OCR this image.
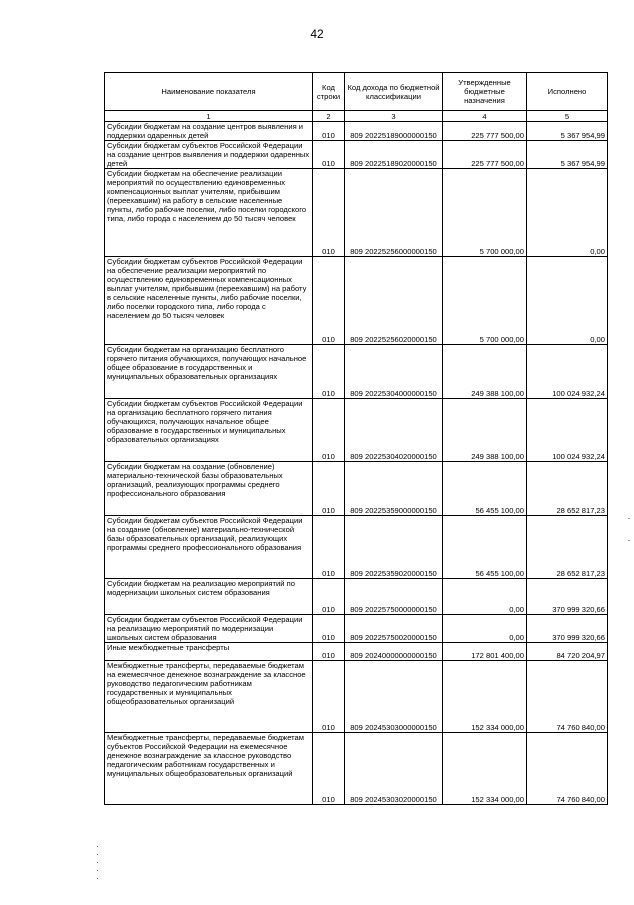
42
Наименование показателя	Код строки	Код дохода по бюджетной классификации	Утвержденные бюджетные назначения	Исполнено
1	2	3	4	5
Субсидии бюджетам на создание центров выявления и поддержки одаренных детей	010	809 20225189000000150	225 777 500,00	5 367 954,99
Субсидии бюджетам субъектов Российской Федерации на создание центров выявления и поддержки одаренных детей	010	809 20225189020000150	225 777 500,00	5 367 954,99
Субсидии бюджетам на обеспечение реализации мероприятий по осуществлению единовременных компенсационных выплат учителям, прибывшим (переехавшим) на работу в сельские населенные пункты, либо рабочие поселки, либо поселки городского типа, либо города с населением до 50 тысяч человек	010	809 20225256000000150	5 700 000,00	0,00
Субсидии бюджетам субъектов Российской Федерации на обеспечение реализации мероприятий по осуществлению единовременных компенсационных выплат учителям, прибывшим (переехавшим) на работу в сельские населенные пункты, либо рабочие поселки, либо поселки городского типа, либо города с населением до 50 тысяч человек	010	809 20225256020000150	5 700 000,00	0,00
Субсидии бюджетам на организацию бесплатного горячего питания обучающихся, получающих начальное общее образование в государственных и муниципальных образовательных организациях	010	809 20225304000000150	249 388 100,00	100 024 932,24
Субсидии бюджетам субъектов Российской Федерации на организацию бесплатного горячего питания обучающихся, получающих начальное общее образование в государственных и муниципальных образовательных организациях	010	809 20225304020000150	249 388 100,00	100 024 932,24
Субсидии бюджетам на создание (обновление) материально-технической базы образовательных организаций, реализующих программы среднего профессионального образования	010	809 20225359000000150	56 455 100,00	28 652 817,23
Субсидии бюджетам субъектов Российской Федерации на создание (обновление) материально-технической базы образовательных организаций, реализующих программы среднего профессионального образования	010	809 20225359020000150	56 455 100,00	28 652 817,23
Субсидии бюджетам на реализацию мероприятий по модернизации школьных систем образования	010	809 20225750000000150	0,00	370 999 320,66
Субсидии бюджетам субъектов Российской Федерации на реализацию мероприятий по модернизации школьных систем образования	010	809 20225750020000150	0,00	370 999 320,66
Иные межбюджетные трансферты	010	809 20240000000000150	172 801 400,00	84 720 204,97
Межбюджетные трансферты, передаваемые бюджетам на ежемесячное денежное вознаграждение за классное руководство педагогическим работникам государственных и муниципальных общеобразовательных организаций	010	809 20245303000000150	152 334 000,00	74 760 840,00
Межбюджетные трансферты, передаваемые бюджетам субъектов Российской Федерации на ежемесячное денежное вознаграждение за классное руководство педагогическим работникам государственных и муниципальных общеобразовательных организаций	010	809 20245303020000150	152 334 000,00	74 760 840,00
